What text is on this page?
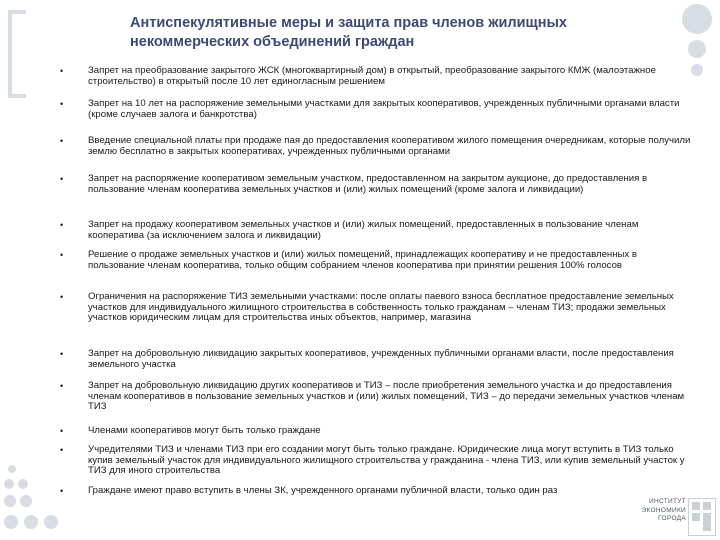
Антиспекулятивные меры и защита прав членов жилищных некоммерческих объединений граждан
•	Запрет на преобразование закрытого ЖСК (многоквартирный дом) в открытый, преобразование закрытого КМЖ (малоэтажное строительство) в открытый после 10 лет единогласным решением
•	Запрет на 10 лет на распоряжение земельными участками для закрытых кооперативов, учрежденных публичными органами власти (кроме случаев залога и банкротства)
•	Введение специальной платы при продаже пая до предоставления кооперативом жилого помещения очередникам, которые получили землю бесплатно в закрытых кооперативах, учрежденных публичными органами
•	Запрет на распоряжение кооперативом земельным участком, предоставленном на закрытом аукционе, до предоставления в пользование членам кооператива земельных участков и (или) жилых помещений (кроме залога и ликвидации)
•	Запрет на продажу кооперативом земельных участков и (или) жилых помещений, предоставленных в пользование членам кооператива (за исключением залога и ликвидации)
•	Решение о продаже земельных участков и (или) жилых помещений, принадлежащих кооперативу и не предоставленных в пользование членам кооператива, только общим собранием членов кооператива при принятии решения 100% голосов
•	Ограничения на распоряжение ТИЗ земельными участками: после оплаты паевого взноса бесплатное предоставление земельных участков для индивидуального жилищного строительства в собственность только гражданам – членам ТИЗ; продажи земельных участков юридическим лицам для строительства иных объектов, например, магазина
•	Запрет на добровольную ликвидацию закрытых кооперативов, учрежденных публичными органами власти, после предоставления земельного участка
•	Запрет на добровольную ликвидацию других кооперативов и ТИЗ – после приобретения земельного участка и до предоставления членам кооперативов в пользование земельных участков и (или) жилых помещений, ТИЗ – до передачи земельных участков членам ТИЗ
•	Членами кооперативов могут быть только граждане
•	Учредителями ТИЗ и членами ТИЗ при его создании могут быть только граждане. Юридические лица могут вступить в ТИЗ только купив земельный участок для индивидуального жилищного строительства у гражданина - члена ТИЗ, или купив земельный участок у ТИЗ для иного строительства
•	Граждане имеют право вступить в члены ЗК, учрежденного органами публичной власти, только один раз
ИНСТИТУТ
ЭКОНОМИКИ
ГОРОДА
